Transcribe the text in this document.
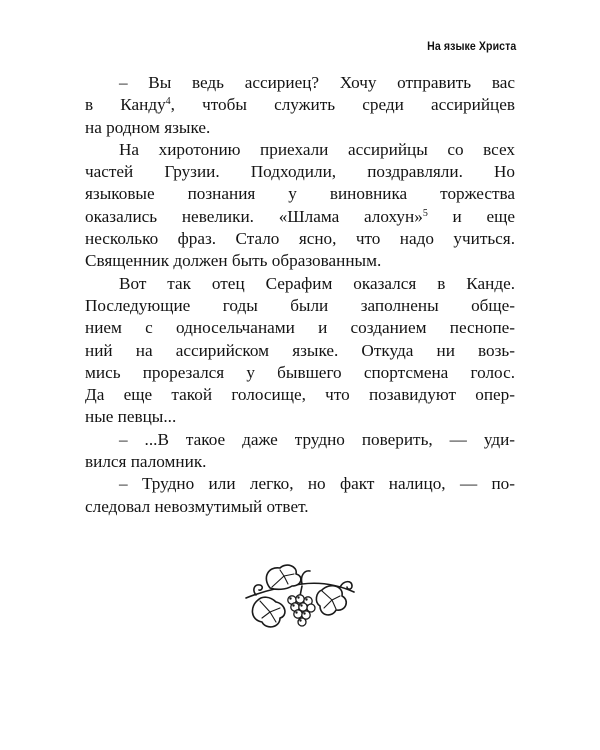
На языке Христа
– Вы ведь ассириец? Хочу отправить вас
в Канду$^4$, чтобы служить среди ассирийцев
на родном языке.
На хиротонию приехали ассирийцы со всех
частей Грузии. Подходили, поздравляли. Но
языковые познания у виновника торжества
оказались невелики. «Шлама алохун»$^5$ и еще
несколько фраз. Стало ясно, что надо учиться.
Священник должен быть образованным.
Вот так отец Серафим оказался в Канде.
Последующие годы были заполнены обще-
нием с односельчанами и созданием песнопе-
ний на ассирийском языке. Откуда ни возь-
мись прорезался у бывшего спортсмена голос.
Да еще такой голосище, что позавидуют опер-
ные певцы...
– ...В такое даже трудно поверить, — уди-
вился паломник.
– Трудно или легко, но факт налицо, — по-
следовал невозмутимый ответ.
